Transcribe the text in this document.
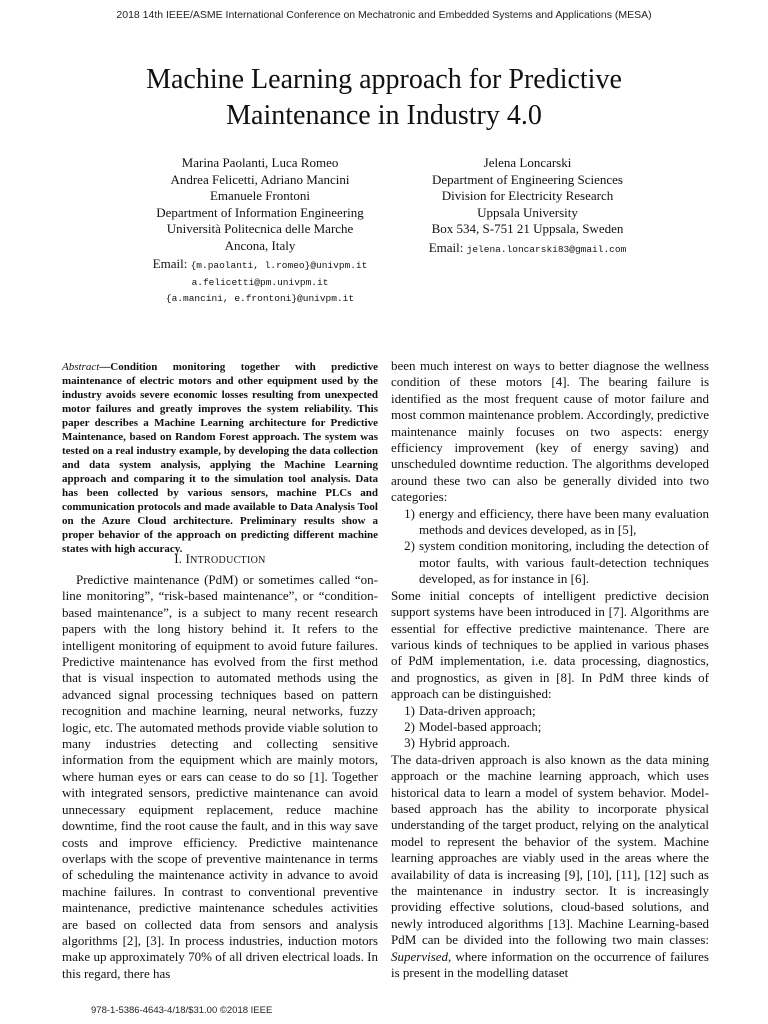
2018 14th IEEE/ASME International Conference on Mechatronic and Embedded Systems and Applications (MESA)
Machine Learning approach for Predictive
Maintenance in Industry 4.0
Marina Paolanti, Luca Romeo
Andrea Felicetti, Adriano Mancini
Emanuele Frontoni
Department of Information Engineering
Università Politecnica delle Marche
Ancona, Italy
Email: {m.paolanti, l.romeo}@univpm.it
a.felicetti@pm.univpm.it
{a.mancini, e.frontoni}@univpm.it
Jelena Loncarski
Department of Engineering Sciences
Division for Electricity Research
Uppsala University
Box 534, S-751 21 Uppsala, Sweden
Email: jelena.loncarski83@gmail.com

Abstract—Condition monitoring together with predictive maintenance of electric motors and other equipment used by the industry avoids severe economic losses resulting from unexpected motor failures and greatly improves the system reliability. This paper describes a Machine Learning architecture for Predictive Maintenance, based on Random Forest approach. The system was tested on a real industry example, by developing the data collection and data system analysis, applying the Machine Learning approach and comparing it to the simulation tool analysis. Data has been collected by various sensors, machine PLCs and communication protocols and made available to Data Analysis Tool on the Azure Cloud architecture. Preliminary results show a proper behavior of the approach on predicting different machine states with high accuracy.

I. INTRODUCTION

Predictive maintenance (PdM) or sometimes called “on-line monitoring”, “risk-based maintenance”, or “condition-based maintenance”, is a subject to many recent research papers with the long history behind it. It refers to the intelligent monitoring of equipment to avoid future failures. Predictive maintenance has evolved from the first method that is visual inspection to automated methods using the advanced signal processing techniques based on pattern recognition and machine learning, neural networks, fuzzy logic, etc. The automated methods provide viable solution to many industries detecting and collecting sensitive information from the equipment which are mainly motors, where human eyes or ears can cease to do so [1]. Together with integrated sensors, predictive maintenance can avoid unnecessary equipment replacement, reduce machine downtime, find the root cause the fault, and in this way save costs and improve efficiency. Predictive maintenance overlaps with the scope of preventive maintenance in terms of scheduling the maintenance activity in advance to avoid machine failures. In contrast to conventional preventive maintenance, predictive maintenance schedules activities are based on collected data from sensors and analysis algorithms [2], [3]. In process industries, induction motors make up approximately 70% of all driven electrical loads. In this regard, there has

been much interest on ways to better diagnose the wellness condition of these motors [4]. The bearing failure is identified as the most frequent cause of motor failure and most common maintenance problem. Accordingly, predictive maintenance mainly focuses on two aspects: energy efficiency improvement (key of energy saving) and unscheduled downtime reduction. The algorithms developed around these two can also be generally divided into two categories:

1) energy and efficiency, there have been many evaluation methods and devices developed, as in [5],
2) system condition monitoring, including the detection of motor faults, with various fault-detection techniques developed, as for instance in [6].

Some initial concepts of intelligent predictive decision support systems have been introduced in [7]. Algorithms are essential for effective predictive maintenance. There are various kinds of techniques to be applied in various phases of PdM implementation, i.e. data processing, diagnostics, and prognostics, as given in [8]. In PdM three kinds of approach can be distinguished:

1) Data-driven approach;
2) Model-based approach;
3) Hybrid approach.

The data-driven approach is also known as the data mining approach or the machine learning approach, which uses historical data to learn a model of system behavior. Model-based approach has the ability to incorporate physical understanding of the target product, relying on the analytical model to represent the behavior of the system. Machine learning approaches are viably used in the areas where the availability of data is increasing [9], [10], [11], [12] such as the maintenance in industry sector. It is increasingly providing effective solutions, cloud-based solutions, and newly introduced algorithms [13]. Machine Learning-based PdM can be divided into the following two main classes: Supervised, where information on the occurrence of failures is present in the modelling dataset

978-1-5386-4643-4/18/$31.00 ©2018 IEEE
